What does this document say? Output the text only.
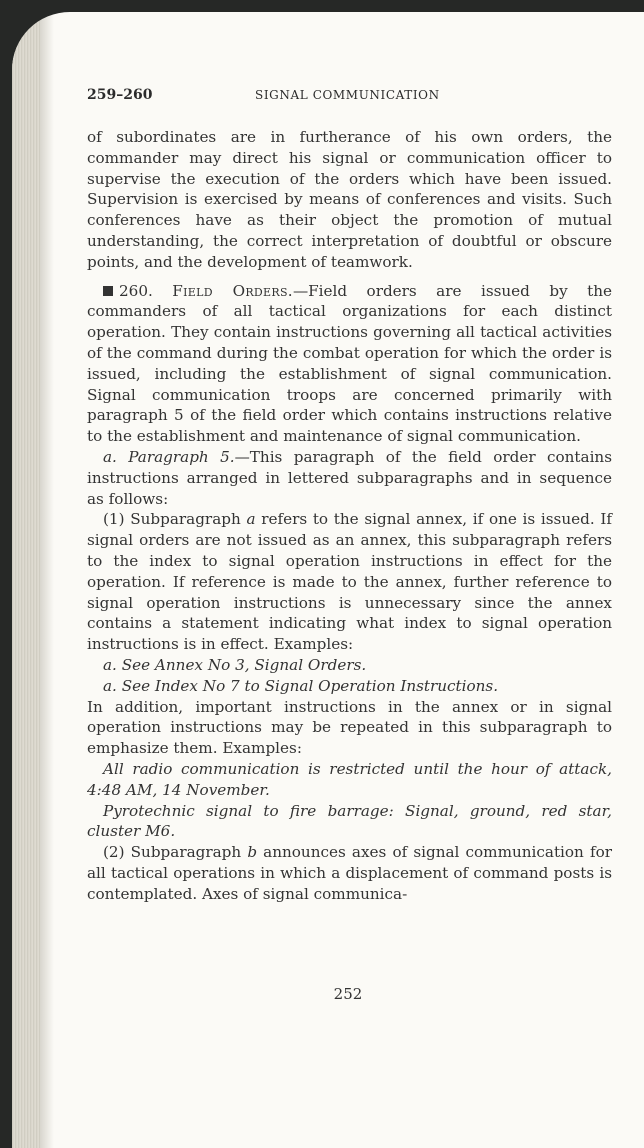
259–260	SIGNAL COMMUNICATION

of subordinates are in furtherance of his own orders, the commander may direct his signal or communication officer to supervise the execution of the orders which have been issued. Supervision is exercised by means of conferences and visits. Such conferences have as their object the promotion of mutual understanding, the correct interpretation of doubtful or obscure points, and the development of teamwork.

260. Field Orders.—Field orders are issued by the commanders of all tactical organizations for each distinct operation. They contain instructions governing all tactical activities of the command during the combat operation for which the order is issued, including the establishment of signal communication. Signal communication troops are concerned primarily with paragraph 5 of the field order which contains instructions relative to the establishment and maintenance of signal communication.

a. Paragraph 5.—This paragraph of the field order contains instructions arranged in lettered subparagraphs and in sequence as follows:

(1) Subparagraph a refers to the signal annex, if one is issued. If signal orders are not issued as an annex, this subparagraph refers to the index to signal operation instructions in effect for the operation. If reference is made to the annex, further reference to signal operation instructions is unnecessary since the annex contains a statement indicating what index to signal operation instructions is in effect. Examples:

a. See Annex No 3, Signal Orders.

a. See Index No 7 to Signal Operation Instructions.

In addition, important instructions in the annex or in signal operation instructions may be repeated in this subparagraph to emphasize them. Examples:

All radio communication is restricted until the hour of attack, 4:48 AM, 14 November.

Pyrotechnic signal to fire barrage: Signal, ground, red star, cluster M6.

(2) Subparagraph b announces axes of signal communication for all tactical operations in which a displacement of command posts is contemplated. Axes of signal communica-

252
